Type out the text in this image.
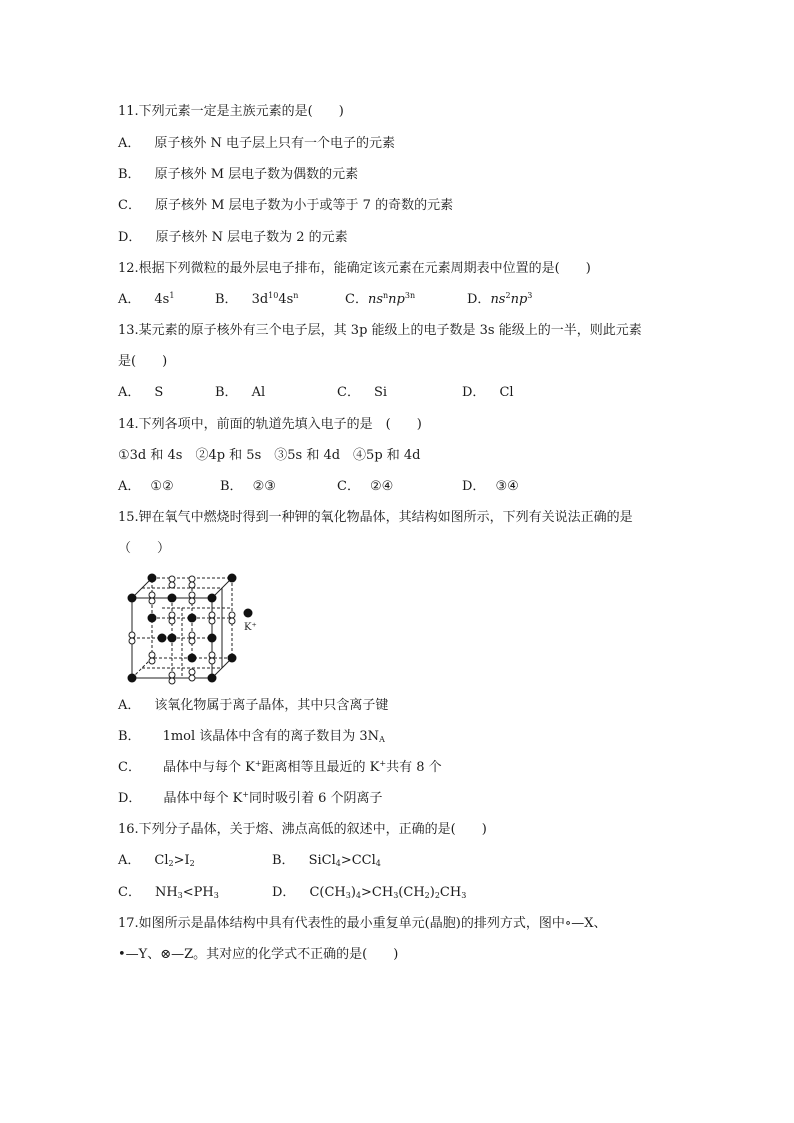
11.下列元素一定是主族元素的是(　　)
A． 原子核外 N 电子层上只有一个电子的元素
B． 原子核外 M 层电子数为偶数的元素
C． 原子核外 M 层电子数为小于或等于 7 的奇数的元素
D． 原子核外 N 层电子数为 2 的元素
12.根据下列微粒的最外层电子排布，能确定该元素在元素周期表中位置的是(　　)
A． $4s^1$	B． $3d^{10}4s^n$	C．$ns^nnp^{3n}$	D．$ns^2np^3$
13.某元素的原子核外有三个电子层，其 3p 能级上的电子数是 3s 能级上的一半，则此元素
是(　　)
A． S	B． Al	C． Si	D． Cl
14.下列各项中，前面的轨道先填入电子的是　(　　)
①3d 和 4s　②4p 和 5s　③5s 和 4d　④5p 和 4d
A． ①②	B． ②③	C． ②④	D． ③④
15.钾在氧气中燃烧时得到一种钾的氧化物晶体，其结构如图所示，下列有关说法正确的是
（　　）
K⁺
A． 该氧化物属于离子晶体，其中只含离子键
B． 1mol 该晶体中含有的离子数目为 $3N_A$
C． 晶体中与每个 K+距离相等且最近的 K+共有 8 个
D． 晶体中每个 K+同时吸引着 6 个阴离子
16.下列分子晶体，关于熔、沸点高低的叙述中，正确的是(　　)
A． $Cl_2>I_2$	B． SiCl$_4$>CCl$_4$
C． $NH_3<PH_3$	D． $C(CH_3)_4>CH_3(CH_2)_2CH_3$
17.如图所示是晶体结构中具有代表性的最小重复单元(晶胞)的排列方式，图中∘—X、
•—Y、⊗—Z。其对应的化学式不正确的是(　　)
